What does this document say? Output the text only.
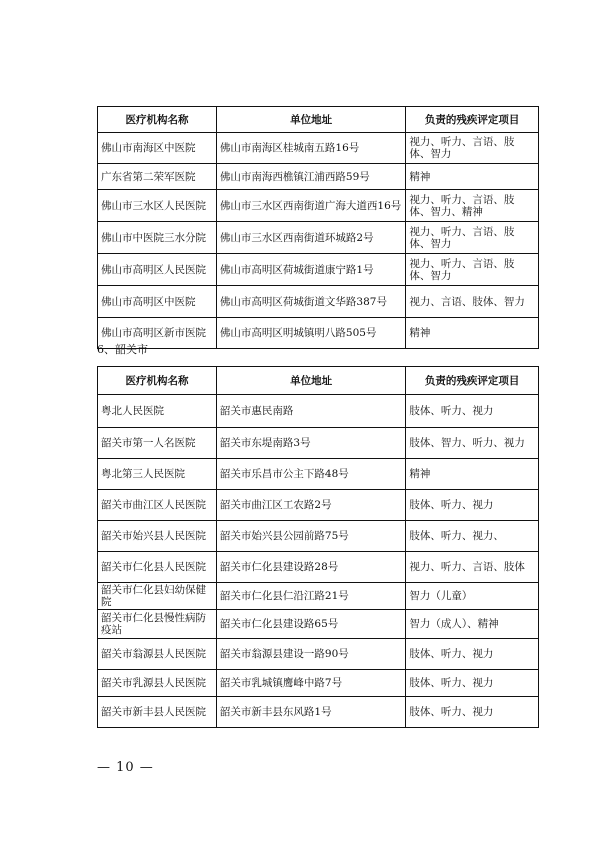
医疗机构名称	单位地址	负责的残疾评定项目
佛山市南海区中医院	佛山市南海区桂城南五路16号	视力、听力、言语、肢体、智力
广东省第二荣军医院	佛山市南海西樵镇江浦西路59号	精神
佛山市三水区人民医院	佛山市三水区西南街道广海大道西16号	视力、听力、言语、肢体、智力、精神
佛山市中医院三水分院	佛山市三水区西南街道环城路2号	视力、听力、言语、肢体、智力
佛山市高明区人民医院	佛山市高明区荷城街道康宁路1号	视力、听力、言语、肢体、智力
佛山市高明区中医院	佛山市高明区荷城街道文华路387号	视力、言语、肢体、智力
佛山市高明区新市医院	佛山市高明区明城镇明八路505号	精神
6、韶关市
医疗机构名称	单位地址	负责的残疾评定项目
粤北人民医院	韶关市惠民南路	肢体、听力、视力
韶关市第一人名医院	韶关市东堤南路3号	肢体、智力、听力、视力
粤北第三人民医院	韶关市乐昌市公主下路48号	精神
韶关市曲江区人民医院	韶关市曲江区工农路2号	肢体、听力、视力
韶关市始兴县人民医院	韶关市始兴县公园前路75号	肢体、听力、视力、
韶关市仁化县人民医院	韶关市仁化县建设路28号	视力、听力、言语、肢体
韶关市仁化县妇幼保健院	韶关市仁化县仁沿江路21号	智力（儿童）
韶关市仁化县慢性病防疫站	韶关市仁化县建设路65号	智力（成人）、精神
韶关市翁源县人民医院	韶关市翁源县建设一路90号	肢体、听力、视力
韶关市乳源县人民医院	韶关市乳城镇鹰峰中路7号	肢体、听力、视力
韶关市新丰县人民医院	韶关市新丰县东风路1号	肢体、听力、视力
— 10 —
